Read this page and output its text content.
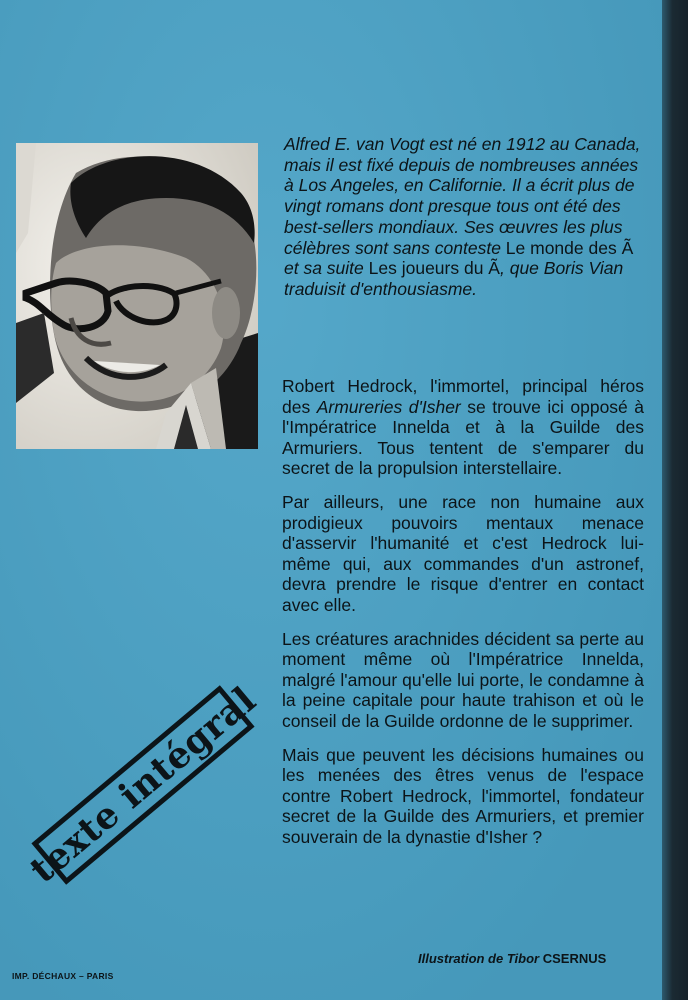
Alfred E. van Vogt est né en 1912 au Canada, mais il est fixé depuis de nombreuses années à Los Angeles, en Californie. Il a écrit plus de vingt romans dont presque tous ont été des best-sellers mondiaux. Ses œuvres les plus célèbres sont sans conteste Le monde des Ã et sa suite Les joueurs du Ã, que Boris Vian traduisit d'enthousiasme.

Robert Hedrock, l'immortel, principal héros des Armureries d'Isher se trouve ici opposé à l'Impératrice Innelda et à la Guilde des Armuriers. Tous tentent de s'emparer du secret de la propulsion interstellaire.

Par ailleurs, une race non humaine aux prodigieux pouvoirs mentaux menace d'asservir l'humanité et c'est Hedrock lui-même qui, aux commandes d'un astronef, devra prendre le risque d'entrer en contact avec elle.

Les créatures arachnides décident sa perte au moment même où l'Impératrice Innelda, malgré l'amour qu'elle lui porte, le condamne à la peine capitale pour haute trahison et où le conseil de la Guilde ordonne de le supprimer.

Mais que peuvent les décisions humaines ou les menées des êtres venus de l'espace contre Robert Hedrock, l'immortel, fondateur secret de la Guilde des Armuriers, et premier souverain de la dynastie d'Isher ?

texte intégral
IMP. DÉCHAUX – PARIS
Illustration de Tibor CSERNUS
